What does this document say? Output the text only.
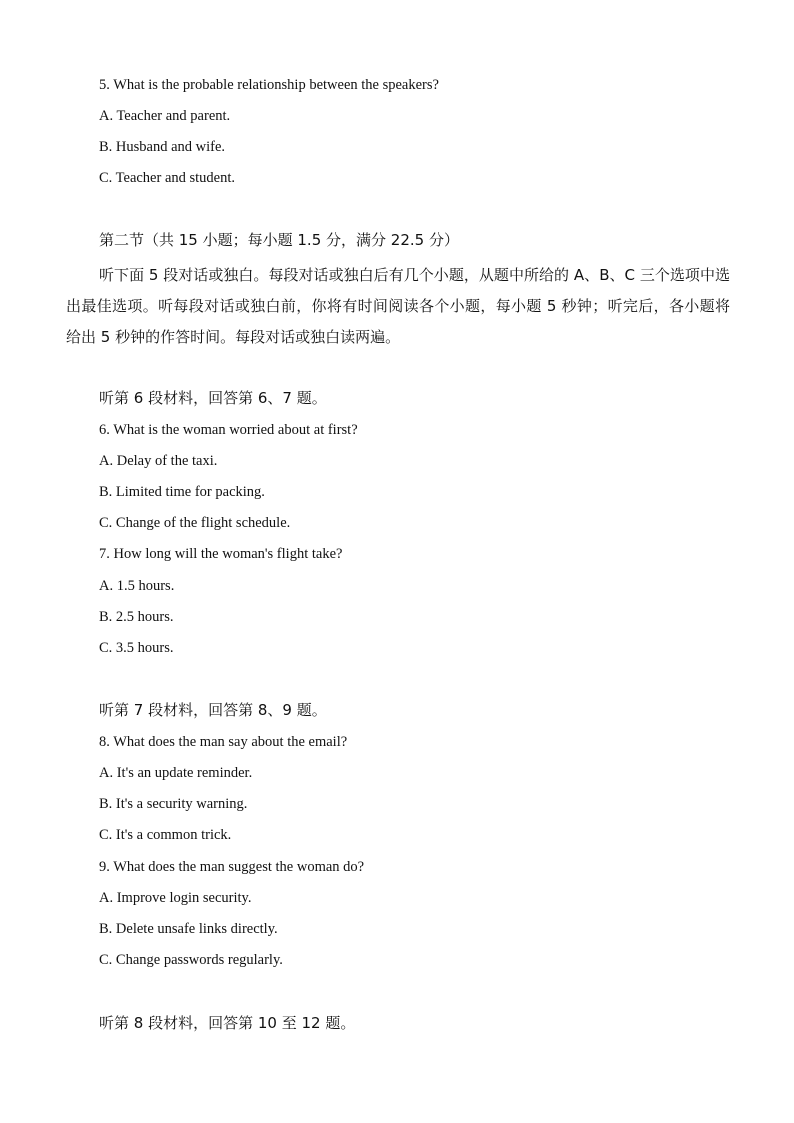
5. What is the probable relationship between the speakers?
A. Teacher and parent.
B. Husband and wife.
C. Teacher and student.
第二节（共 15 小题；每小题 1.5 分，满分 22.5 分）
听下面 5 段对话或独白。每段对话或独白后有几个小题，从题中所给的 A、B、C 三个选项中选出最佳选项。听每段对话或独白前，你将有时间阅读各个小题，每小题 5 秒钟；听完后，各小题将给出 5 秒钟的作答时间。每段对话或独白读两遍。
听第 6 段材料，回答第 6、7 题。
6. What is the woman worried about at first?
A. Delay of the taxi.
B. Limited time for packing.
C. Change of the flight schedule.
7. How long will the woman's flight take?
A. 1.5 hours.
B. 2.5 hours.
C. 3.5 hours.
听第 7 段材料，回答第 8、9 题。
8. What does the man say about the email?
A. It's an update reminder.
B. It's a security warning.
C. It's a common trick.
9. What does the man suggest the woman do?
A. Improve login security.
B. Delete unsafe links directly.
C. Change passwords regularly.
听第 8 段材料，回答第 10 至 12 题。
